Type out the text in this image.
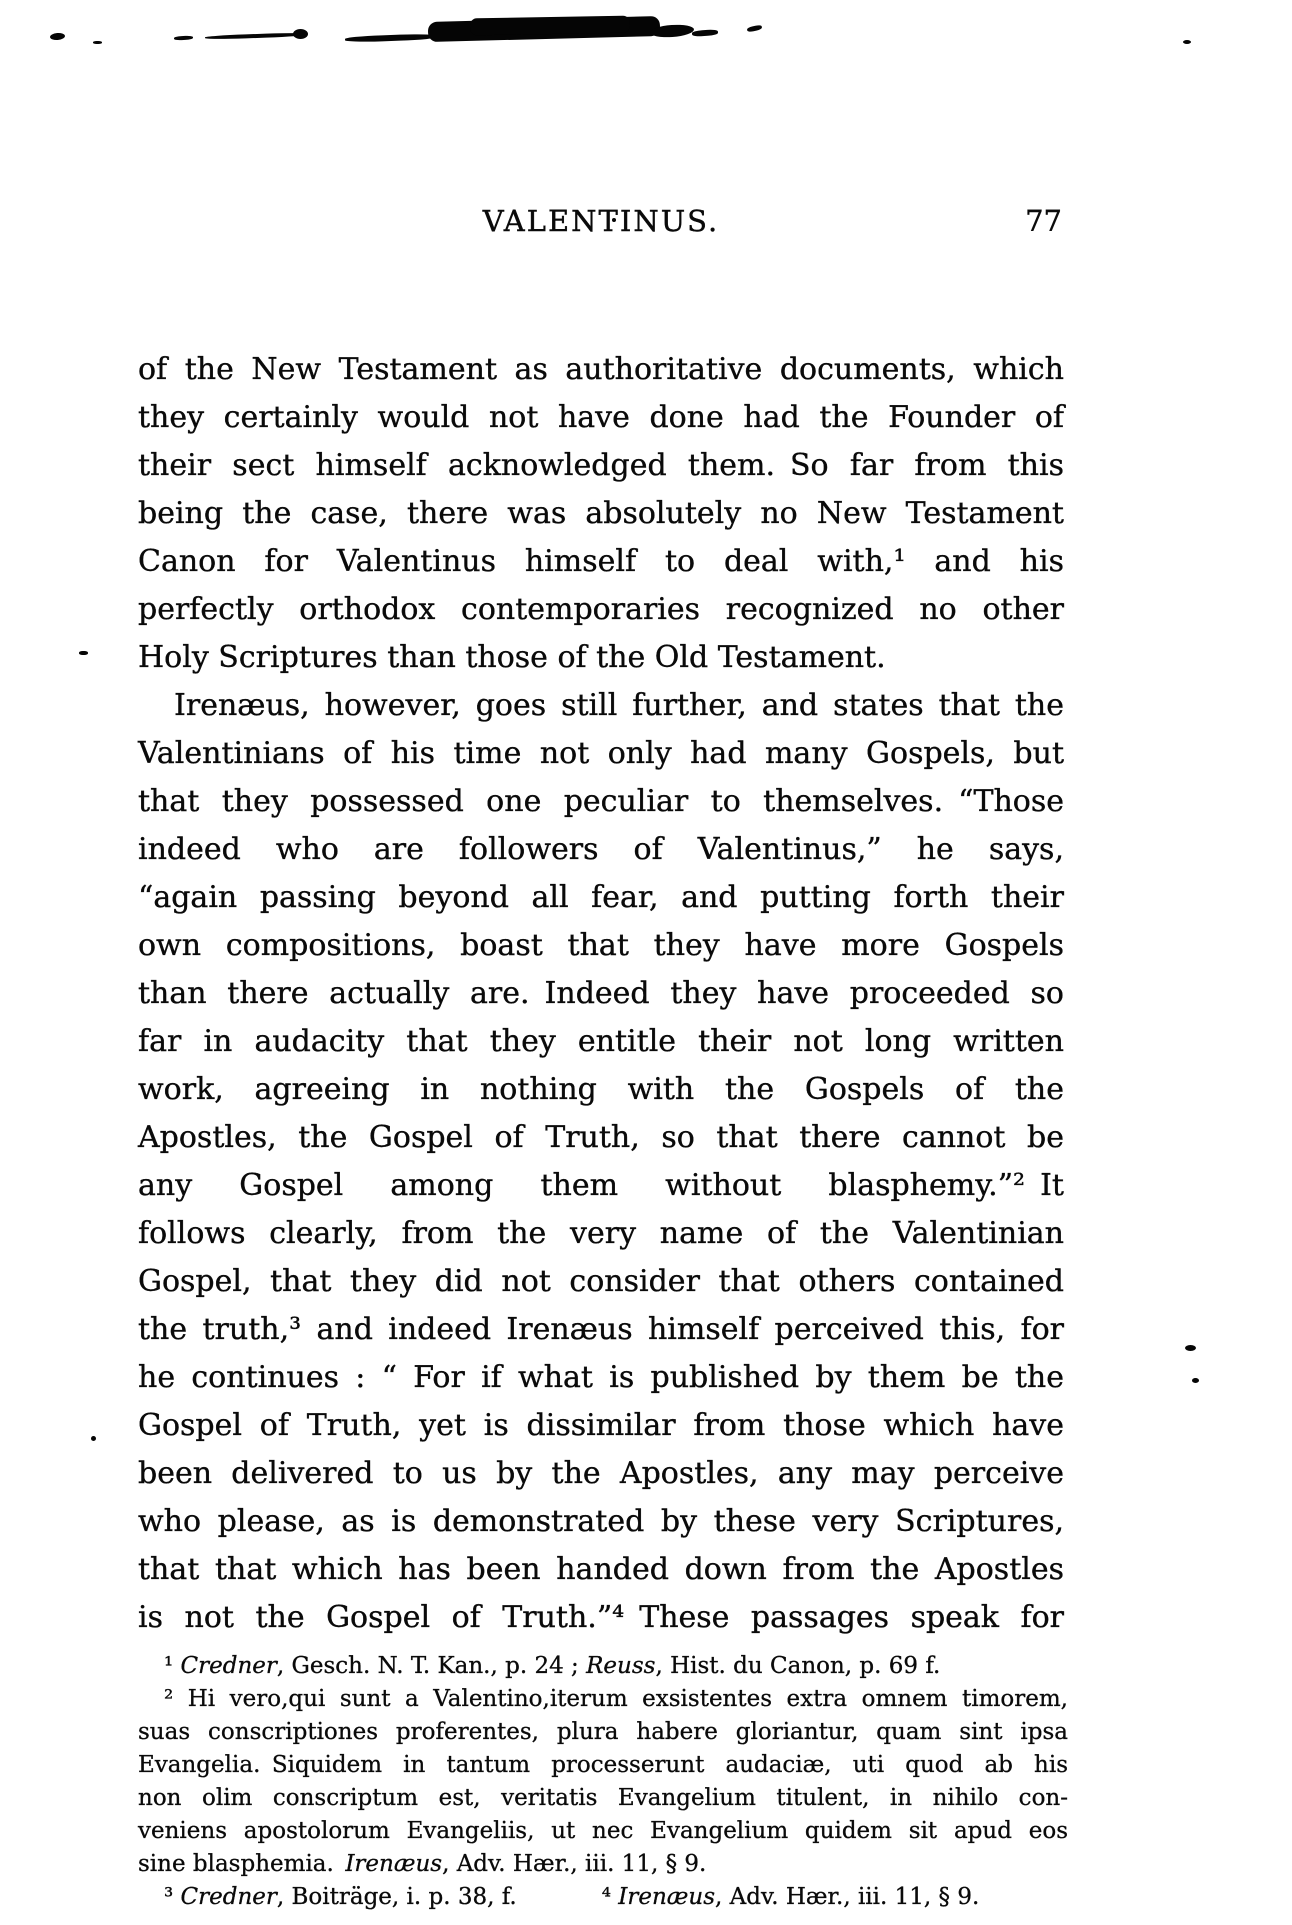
VALENTINUS.	77
of the New Testament as authoritative documents, which
they certainly would not have done had the Founder of
their sect himself acknowledged them. So far from this
being the case, there was absolutely no New Testament
Canon for Valentinus himself to deal with,¹ and his
perfectly orthodox contemporaries recognized no other
Holy Scriptures than those of the Old Testament.
Irenæus, however, goes still further, and states that the
Valentinians of his time not only had many Gospels, but
that they possessed one peculiar to themselves. “Those
indeed who are followers of Valentinus,” he says,
“again passing beyond all fear, and putting forth their
own compositions, boast that they have more Gospels
than there actually are. Indeed they have proceeded so
far in audacity that they entitle their not long written
work, agreeing in nothing with the Gospels of the
Apostles, the Gospel of Truth, so that there cannot be
any Gospel among them without blasphemy.”² It
follows clearly, from the very name of the Valentinian
Gospel, that they did not consider that others contained
the truth,³ and indeed Irenæus himself perceived this, for
he continues : “ For if what is published by them be the
Gospel of Truth, yet is dissimilar from those which have
been delivered to us by the Apostles, any may perceive
who please, as is demonstrated by these very Scriptures,
that that which has been handed down from the Apostles
is not the Gospel of Truth.”⁴ These passages speak for
¹ Credner, Gesch. N. T. Kan., p. 24 ; Reuss, Hist. du Canon, p. 69 f.
² Hi vero,qui sunt a Valentino,iterum exsistentes extra omnem timorem,
suas conscriptiones proferentes, plura habere gloriantur, quam sint ipsa
Evangelia. Siquidem in tantum processerunt audaciæ, uti quod ab his
non olim conscriptum est, veritatis Evangelium titulent, in nihilo con-
veniens apostolorum Evangeliis, ut nec Evangelium quidem sit apud eos
sine blasphemia. Irenæus, Adv. Hær., iii. 11, § 9.
³ Credner, Boiträge, i. p. 38, f.	⁴ Irenæus, Adv. Hær., iii. 11, § 9.
